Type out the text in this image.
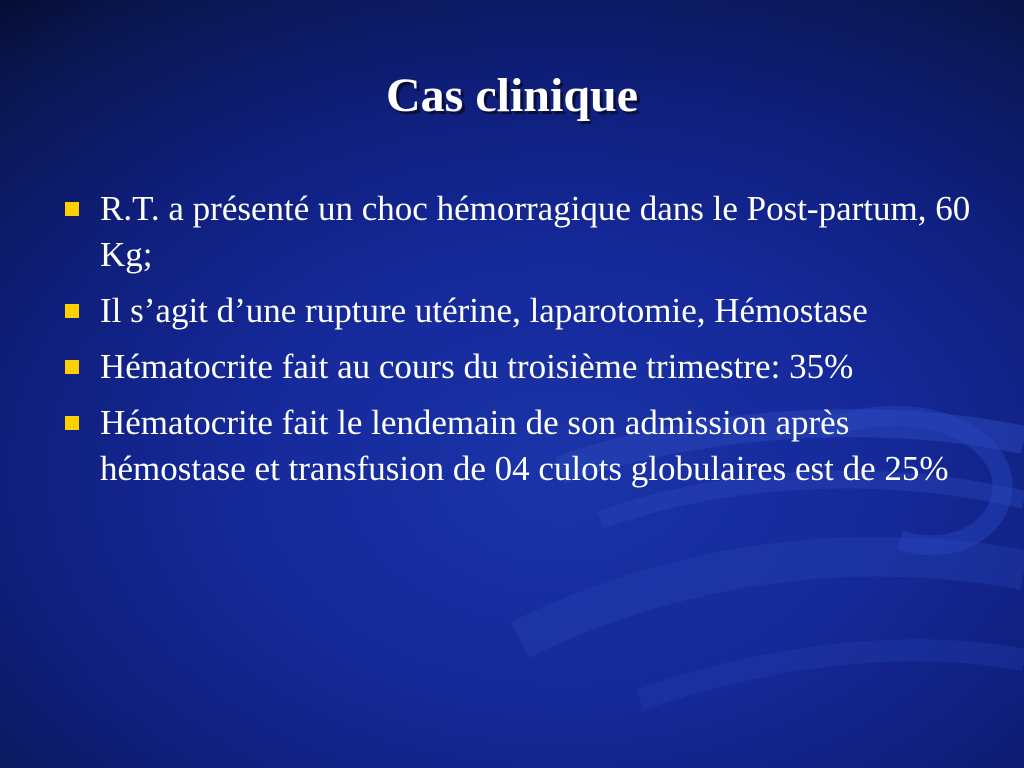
Cas clinique
R.T. a présenté un choc hémorragique dans le Post-partum, 60 Kg;
Il s’agit d’une rupture utérine, laparotomie, Hémostase
Hématocrite fait au cours du troisième trimestre: 35%
Hématocrite fait le lendemain de son admission après hémostase et transfusion de 04 culots globulaires est de 25%
